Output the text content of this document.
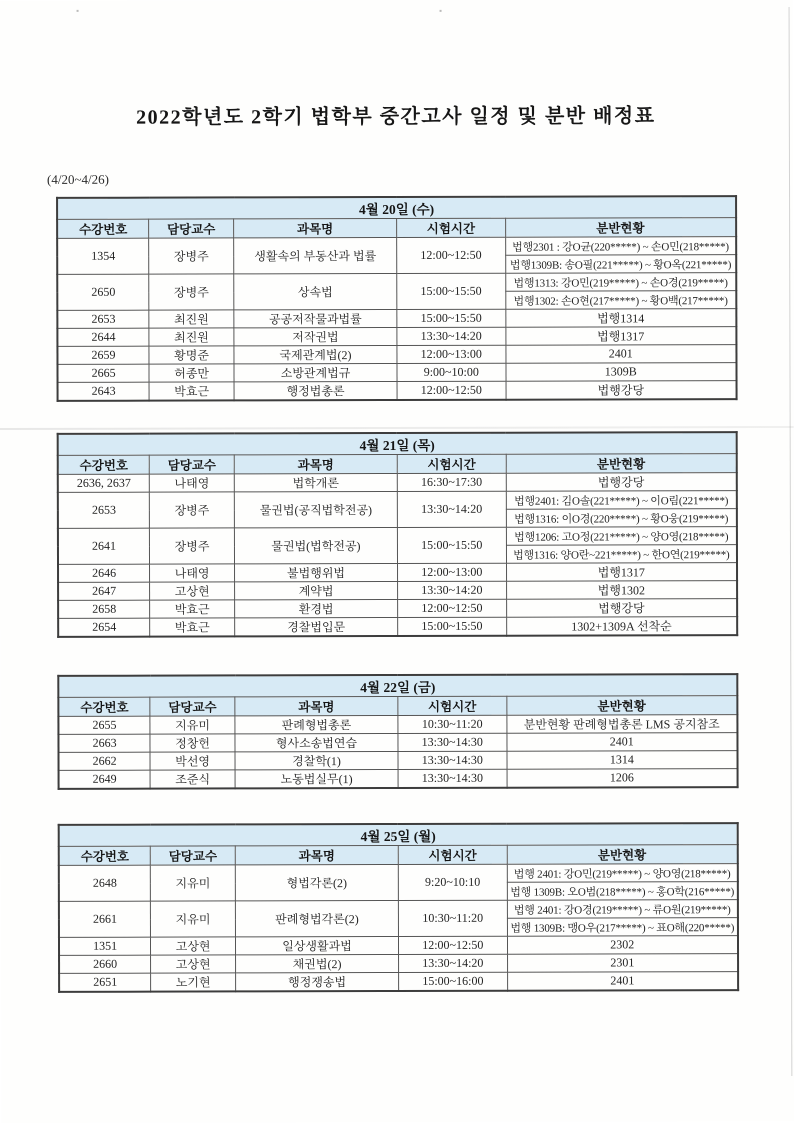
2022학년도 2학기 법학부 중간고사 일정 및 분반 배정표
(4/20~4/26)
4월 20일 (수)				
수강번호	담당교수	과목명	시험시간	분반현황
1354	장병주	생활속의 부동산과 법률	12:00~12:50	법행2301 : 강O균(220*****) ~ 손O민(218*****)
				법행1309B: 송O필(221*****) ~ 황O옥(221*****)
2650	장병주	상속법	15:00~15:50	법행1313: 강O민(219*****) ~ 손O경(219*****)
				법행1302: 손O현(217*****) ~ 황O백(217*****)
2653	최진원	공공저작물과법률	15:00~15:50	법행1314
2644	최진원	저작권법	13:30~14:20	법행1317
2659	황명준	국제관계법(2)	12:00~13:00	2401
2665	허종만	소방관계법규	9:00~10:00	1309B
2643	박효근	행정법총론	12:00~12:50	법행강당
4월 21일 (목)				
수강번호	담당교수	과목명	시험시간	분반현황
2636, 2637	나태영	법학개론	16:30~17:30	법행강당
2653	장병주	물권법(공직법학전공)	13:30~14:20	법행2401: 김O솔(221*****) ~ 이O림(221*****)
				법행1316: 이O경(220*****) ~ 황O웅(219*****)
2641	장병주	물권법(법학전공)	15:00~15:50	법행1206: 고O정(221*****) ~ 양O영(218*****)
				법행1316: 양O란~221*****) ~ 한O연(219*****)
2646	나태영	불법행위법	12:00~13:00	법행1317
2647	고상현	계약법	13:30~14:20	법행1302
2658	박효근	환경법	12:00~12:50	법행강당
2654	박효근	경찰법입문	15:00~15:50	1302+1309A 선착순
4월 22일 (금)				
수강번호	담당교수	과목명	시험시간	분반현황
2655	지유미	판례형법총론	10:30~11:20	분반현황 판례형법총론 LMS 공지참조
2663	정창헌	형사소송법연습	13:30~14:30	2401
2662	박선영	경찰학(1)	13:30~14:30	1314
2649	조준식	노동법실무(1)	13:30~14:30	1206
4월 25일 (월)				
수강번호	담당교수	과목명	시험시간	분반현황
2648	지유미	형법각론(2)	9:20~10:10	법행 2401: 강O민(219*****) ~ 양O영(218*****)
				법행 1309B: 오O범(218*****) ~ 홍O학(216*****)
2661	지유미	판례형법각론(2)	10:30~11:20	법행 2401: 강O경(219*****) ~ 류O원(219*****)
				법행 1309B: 맹O우(217*****) ~ 표O해(220*****)
1351	고상현	일상생활과법	12:00~12:50	2302
2660	고상현	채권법(2)	13:30~14:20	2301
2651	노기현	행정쟁송법	15:00~16:00	2401
